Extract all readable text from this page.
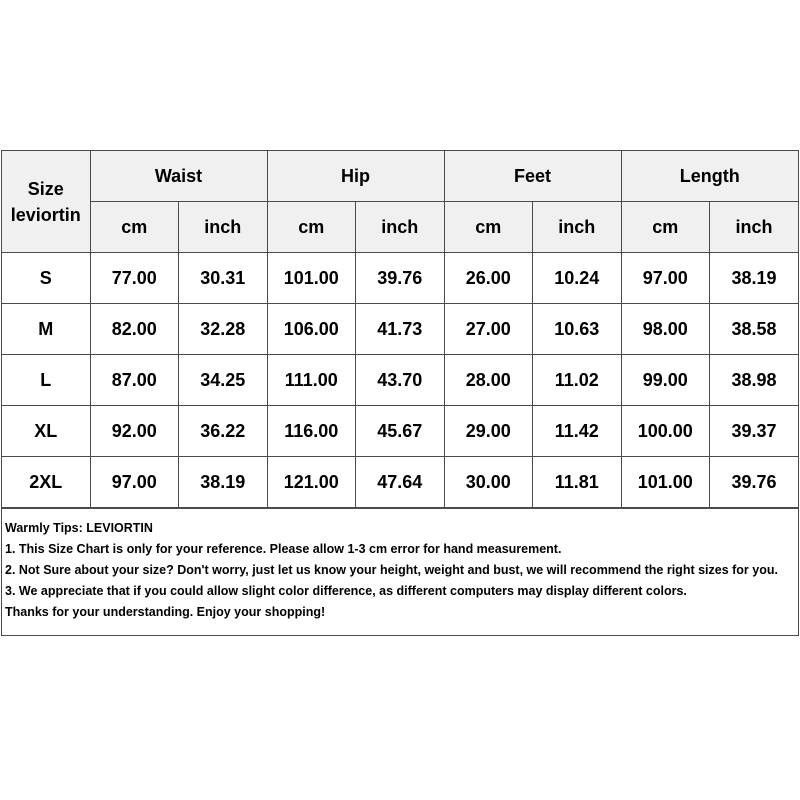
Size
leviortin	Waist		Hip		Feet		Length	
	cm	inch	cm	inch	cm	inch	cm	inch
S	77.00	30.31	101.00	39.76	26.00	10.24	97.00	38.19
M	82.00	32.28	106.00	41.73	27.00	10.63	98.00	38.58
L	87.00	34.25	111.00	43.70	28.00	11.02	99.00	38.98
XL	92.00	36.22	116.00	45.67	29.00	11.42	100.00	39.37
2XL	97.00	38.19	121.00	47.64	30.00	11.81	101.00	39.76
Warmly Tips: LEVIORTIN
1. This Size Chart is only for your reference. Please allow 1-3 cm error for hand measurement.
2. Not Sure about your size? Don't worry, just let us know your height, weight and bust, we will recommend the right sizes for you.
3. We appreciate that if you could allow slight color difference, as different computers may display different colors.
Thanks for your understanding. Enjoy your shopping!
